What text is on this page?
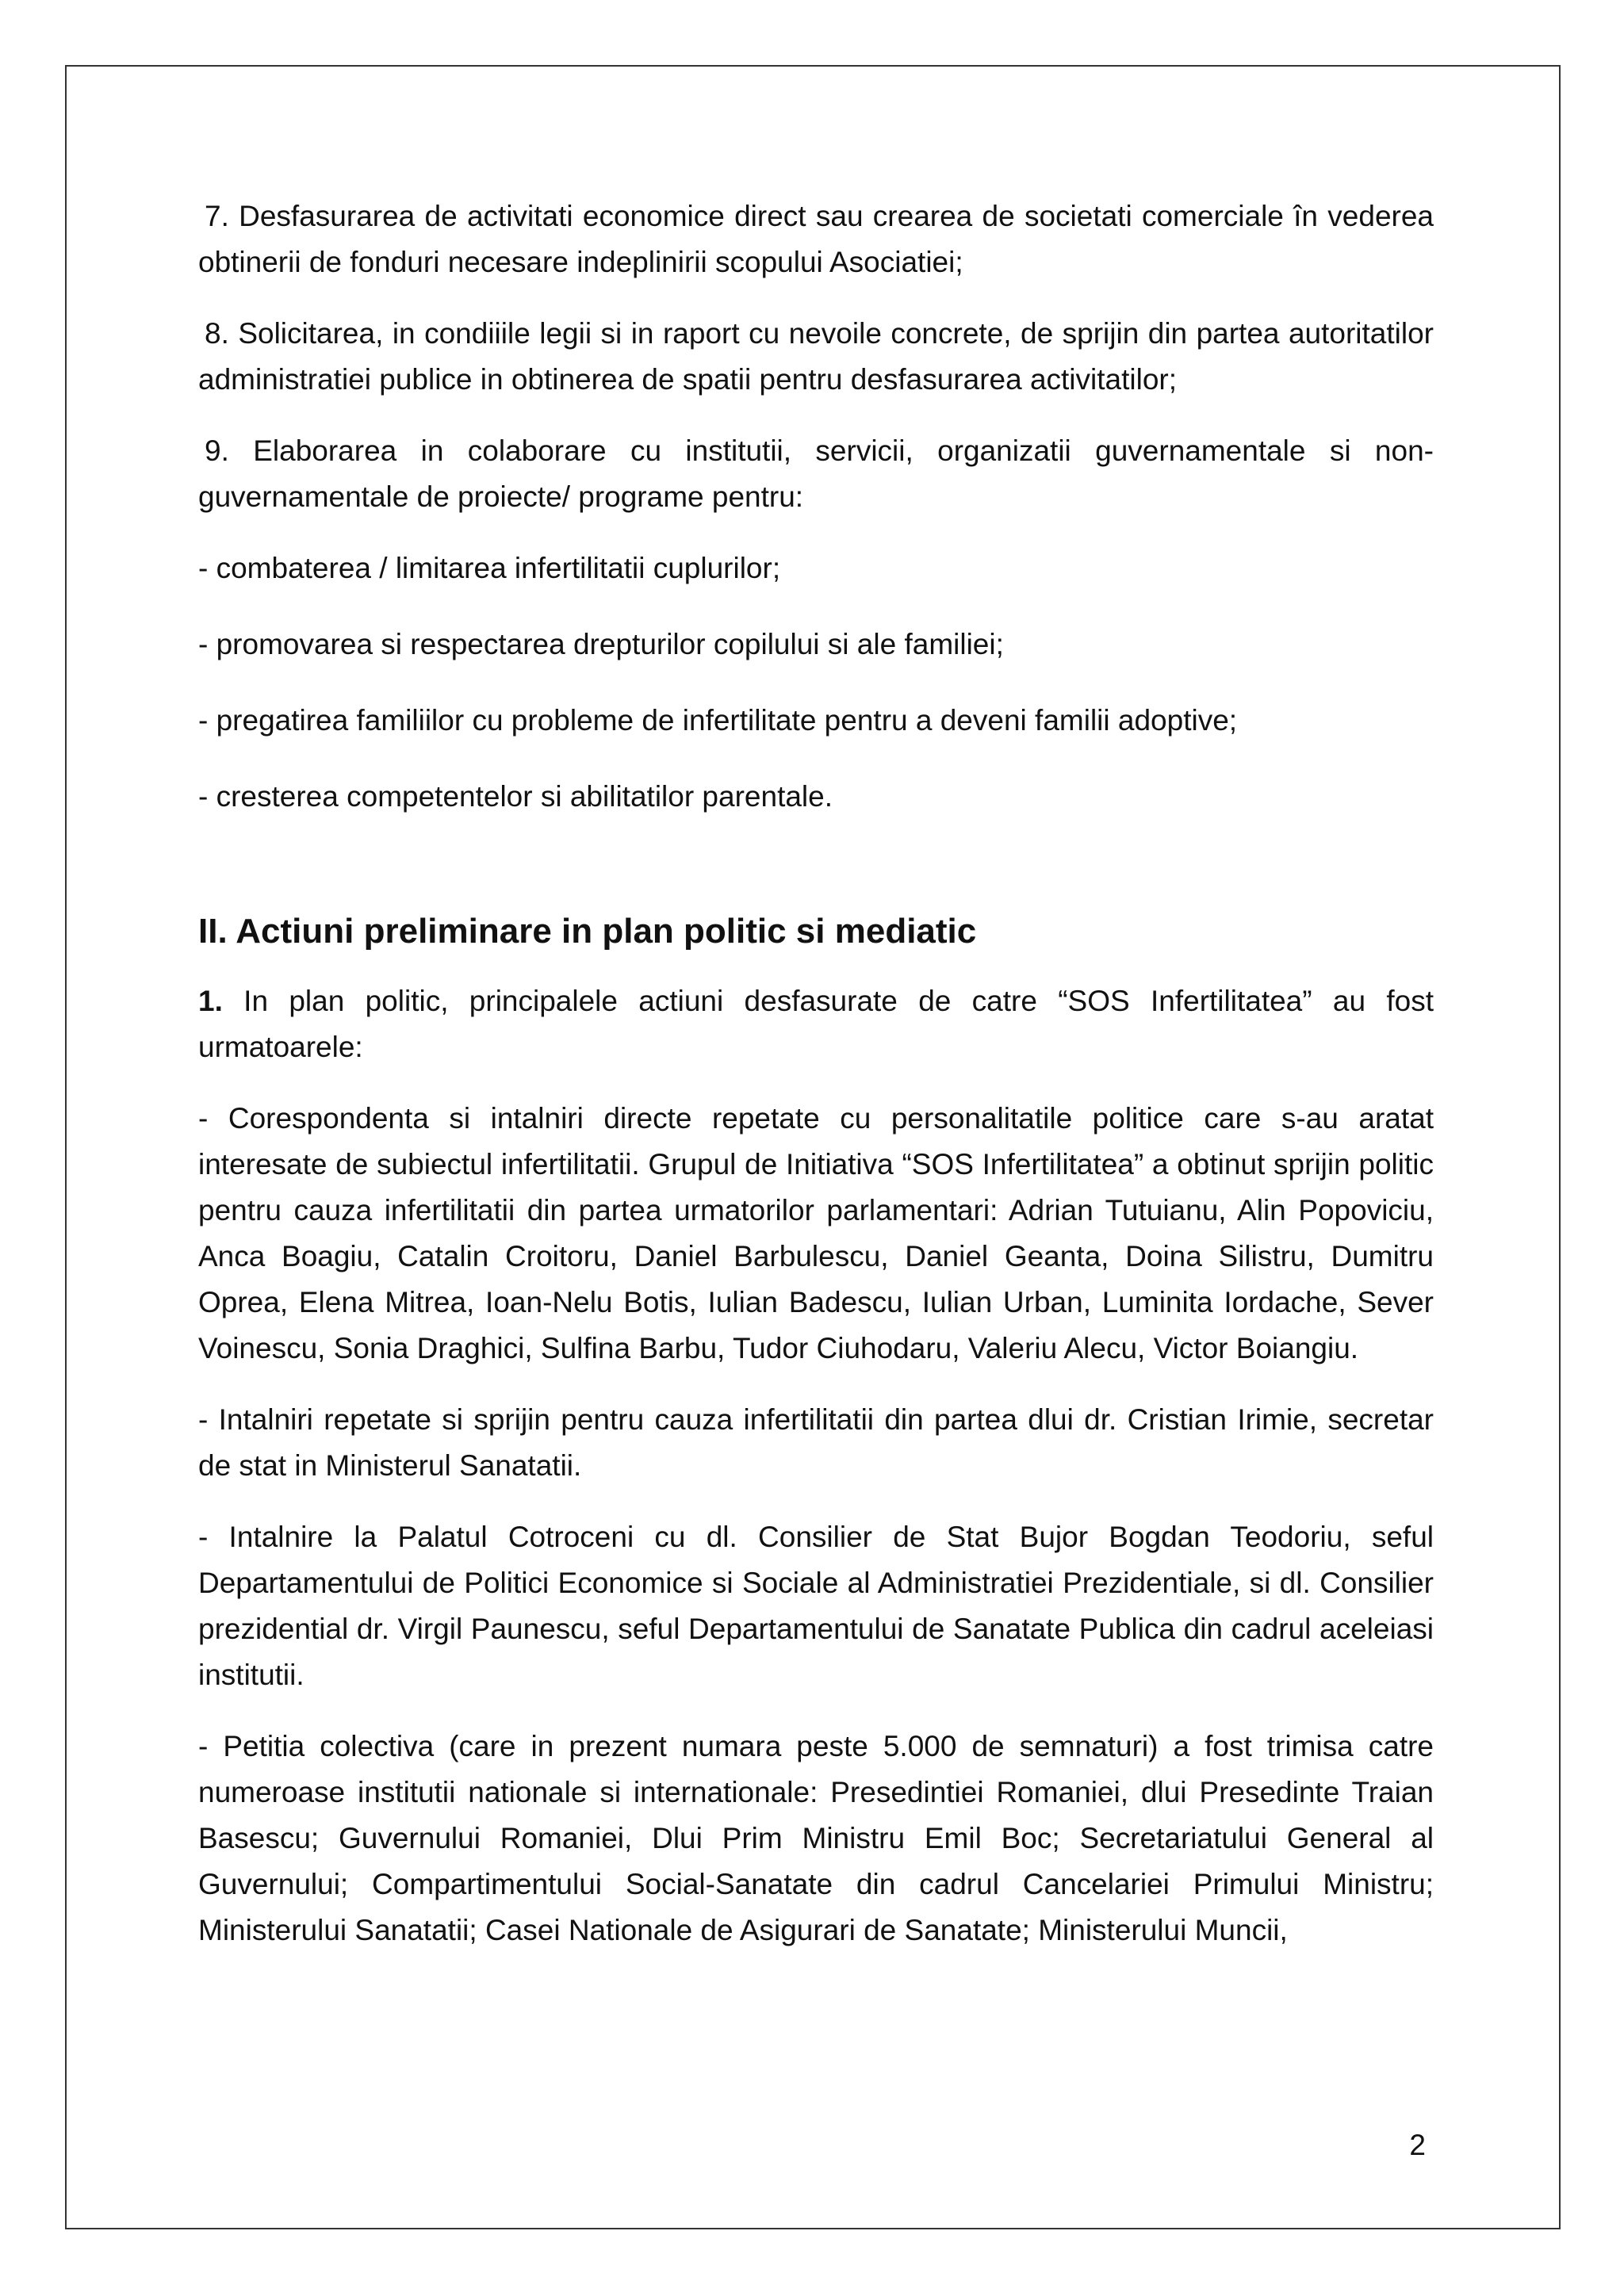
7. Desfasurarea de activitati economice direct sau crearea de societati comerciale în vederea obtinerii de fonduri necesare indeplinirii scopului Asociatiei;

8. Solicitarea, in condiiile legii si in raport cu nevoile concrete, de sprijin din partea autoritatilor administratiei publice in obtinerea de spatii pentru desfasurarea activitatilor;

9. Elaborarea in colaborare cu institutii, servicii, organizatii guvernamentale si non-guvernamentale de proiecte/ programe pentru:

- combaterea / limitarea infertilitatii cuplurilor;

- promovarea si respectarea drepturilor copilului si ale familiei;

- pregatirea familiilor cu probleme de infertilitate pentru a deveni familii adoptive;

- cresterea competentelor si abilitatilor parentale.

II. Actiuni preliminare in plan politic si mediatic

1. In plan politic, principalele actiuni desfasurate de catre “SOS Infertilitatea” au fost urmatoarele:

- Corespondenta si intalniri directe repetate cu personalitatile politice care s-au aratat interesate de subiectul infertilitatii. Grupul de Initiativa “SOS Infertilitatea” a obtinut sprijin politic pentru cauza infertilitatii din partea urmatorilor parlamentari: Adrian Tutuianu, Alin Popoviciu, Anca Boagiu, Catalin Croitoru, Daniel Barbulescu, Daniel Geanta, Doina Silistru, Dumitru Oprea, Elena Mitrea, Ioan-Nelu Botis, Iulian Badescu, Iulian Urban, Luminita Iordache, Sever Voinescu, Sonia Draghici, Sulfina Barbu, Tudor Ciuhodaru, Valeriu Alecu, Victor Boiangiu.

- Intalniri repetate si sprijin pentru cauza infertilitatii din partea dlui dr. Cristian Irimie, secretar de stat in Ministerul Sanatatii.

- Intalnire la Palatul Cotroceni cu dl. Consilier de Stat Bujor Bogdan Teodoriu, seful Departamentului de Politici Economice si Sociale al Administratiei Prezidentiale, si dl. Consilier prezidential dr. Virgil Paunescu, seful Departamentului de Sanatate Publica din cadrul aceleiasi institutii.

- Petitia colectiva (care in prezent numara peste 5.000 de semnaturi) a fost trimisa catre numeroase institutii nationale si internationale: Presedintiei Romaniei, dlui Presedinte Traian Basescu; Guvernului Romaniei, Dlui Prim Ministru Emil Boc; Secretariatului General al Guvernului; Compartimentului Social-Sanatate din cadrul Cancelariei Primului Ministru; Ministerului Sanatatii; Casei Nationale de Asigurari de Sanatate; Ministerului Muncii,

2
